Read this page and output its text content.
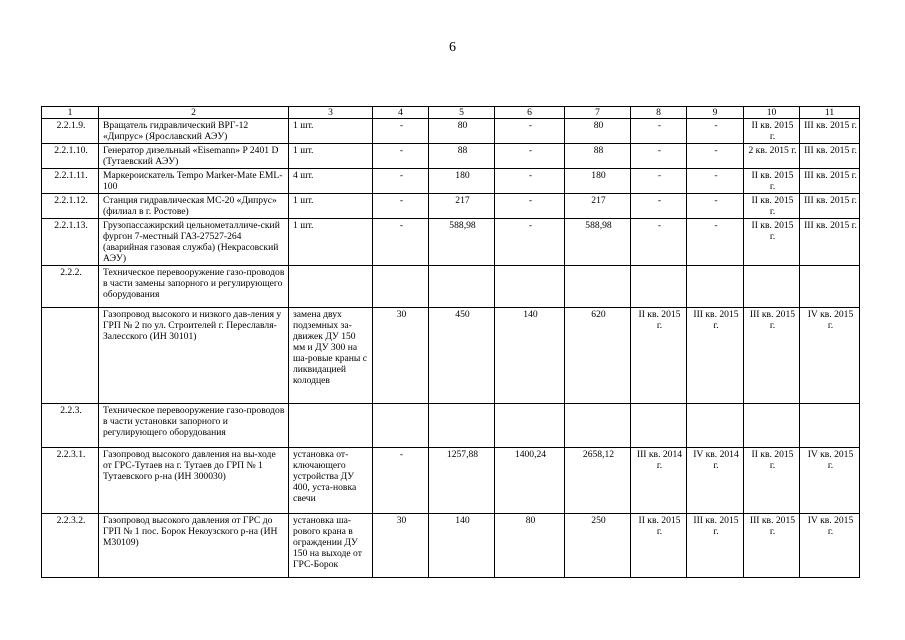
6
1	2	3	4	5	6	7	8	9	10	11
2.2.1.9.	Вращатель гидравлический ВРГ-12 «Дипрус» (Ярославский АЭУ)	1 шт.	-	80	-	80	-	-	II кв. 2015 г.	III кв. 2015 г.
2.2.1.10.	Генератор дизельный «Eisemann» P 2401 D (Тутаевский АЭУ)	1 шт.	-	88	-	88	-	-	2 кв. 2015 г.	III кв. 2015 г.
2.2.1.11.	Маркероискатель Tempo Marker-Mate EML-100	4 шт.	-	180	-	180	-	-	II кв. 2015 г.	III кв. 2015 г.
2.2.1.12.	Станция гидравлическая МС-20 «Дипрус» (филиал в г. Ростове)	1 шт.	-	217	-	217	-	-	II кв. 2015 г.	III кв. 2015 г.
2.2.1.13.	Грузопассажирский цельнометалличе-ский фургон 7-местный ГАЗ-27527-264 (аварийная газовая служба) (Некрасовский АЭУ)	1 шт.	-	588,98	-	588,98	-	-	II кв. 2015 г.	III кв. 2015 г.
2.2.2.	Техническое перевооружение газо-проводов в части замены запорного и регулирующего оборудования									
	Газопровод высокого и низкого дав-ления у ГРП № 2 по ул. Строителей г. Переславля-Залесского (ИН 30101)	замена двух подземных за-движек ДУ 150 мм и ДУ 300 на ша-ровые краны с ликвидацией колодцев	30	450	140	620	II кв. 2015 г.	III кв. 2015 г.	III кв. 2015 г.	IV кв. 2015 г.
2.2.3.	Техническое перевооружение газо-проводов в части установки запорного и регулирующего оборудования									
2.2.3.1.	Газопровод высокого давления на вы-ходе от ГРС-Тутаев на г. Тутаев до ГРП № 1 Тутаевского р-на (ИН 300030)	установка от-ключающего устройства ДУ 400, уста-новка свечи	-	1257,88	1400,24	2658,12	III кв. 2014 г.	IV кв. 2014 г.	II кв. 2015 г.	IV кв. 2015 г.
2.2.3.2.	Газопровод высокого давления от ГРС до ГРП № 1 пос. Борок Некоузского р-на (ИН М30109)	установка ша-рового крана в ограждении ДУ 150 на выходе от ГРС-Борок	30	140	80	250	II кв. 2015 г.	III кв. 2015 г.	III кв. 2015 г.	IV кв. 2015 г.
